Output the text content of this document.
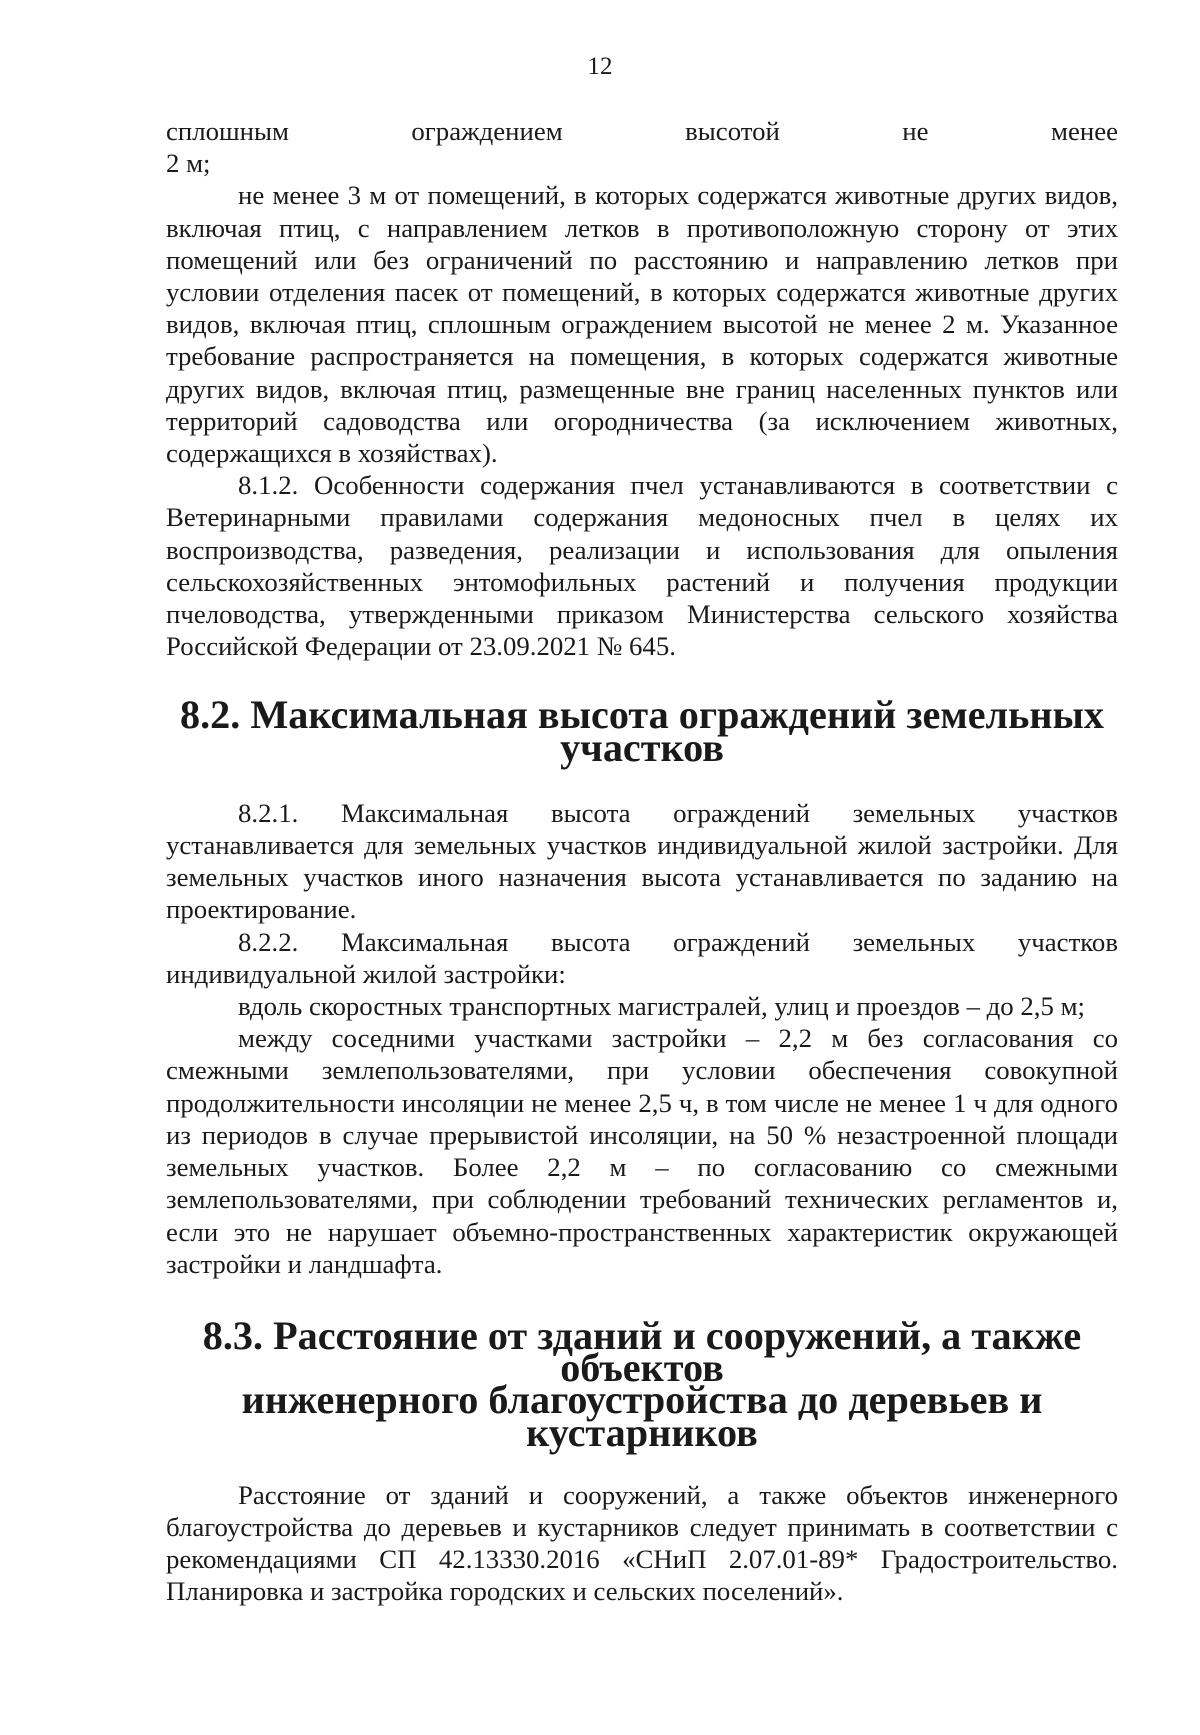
12

сплошным ограждением высотой не менее

2 м;

не менее 3 м от помещений, в которых содержатся животные других видов, включая птиц, с направлением летков в противоположную сторону от этих помещений или без ограничений по расстоянию и направлению летков при условии отделения пасек от помещений, в которых содержатся животные других видов, включая птиц, сплошным ограждением высотой не менее 2 м. Указанное требование распространяется на помещения, в которых содержатся животные других видов, включая птиц, размещенные вне границ населенных пунктов или территорий садоводства или огородничества (за исключением животных, содержащихся в хозяйствах).

8.1.2. Особенности содержания пчел устанавливаются в соответствии с Ветеринарными правилами содержания медоносных пчел в целях их воспроизводства, разведения, реализации и использования для опыления сельскохозяйственных энтомофильных растений и получения продукции пчеловодства, утвержденными приказом Министерства сельского хозяйства Российской Федерации от 23.09.2021 № 645.

8.2. Максимальная высота ограждений земельных участков

8.2.1. Максимальная высота ограждений земельных участков устанавливается для земельных участков индивидуальной жилой застройки. Для земельных участков иного назначения высота устанавливается по заданию на проектирование.

8.2.2. Максимальная высота ограждений земельных участков индивидуальной жилой застройки:

вдоль скоростных транспортных магистралей, улиц и проездов – до 2,5 м;

между соседними участками застройки – 2,2 м без согласования со смежными землепользователями, при условии обеспечения совокупной продолжительности инсоляции не менее 2,5 ч, в том числе не менее 1 ч для одного из периодов в случае прерывистой инсоляции, на 50 % незастроенной площади земельных участков. Более 2,2 м – по согласованию со смежными землепользователями, при соблюдении требований технических регламентов и, если это не нарушает объемно-пространственных характеристик окружающей застройки и ландшафта.

8.3. Расстояние от зданий и сооружений, а также объектов
инженерного благоустройства до деревьев и кустарников

Расстояние от зданий и сооружений, а также объектов инженерного благоустройства до деревьев и кустарников следует принимать в соответствии с рекомендациями СП 42.13330.2016 «СНиП 2.07.01-89* Градостроительство. Планировка и застройка городских и сельских поселений».
